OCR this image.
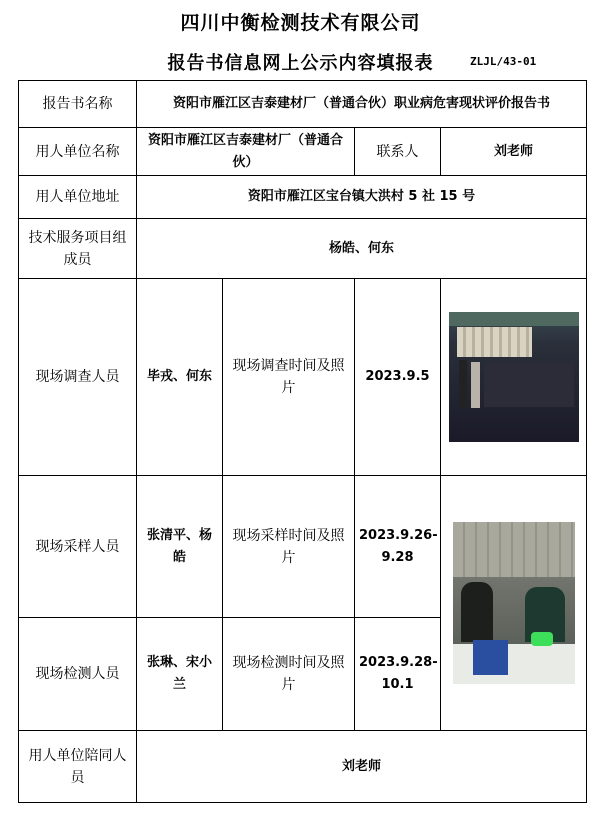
四川中衡检测技术有限公司
报告书信息网上公示内容填报表	ZLJL/43-01
报告书名称	资阳市雁江区吉泰建材厂（普通合伙）职业病危害现状评价报告书			
用人单位名称	资阳市雁江区吉泰建材厂（普通合伙）		联系人	刘老师
用人单位地址	资阳市雁江区宝台镇大洪村 5 社 15 号			
技术服务项目组成员	杨皓、何东			
现场调查人员	毕戎、何东	现场调查时间及照片	2023.9.5	

现场采样人员	张清平、杨皓	现场采样时间及照片	2023.9.26-9.28	

现场检测人员	张琳、宋小兰	现场检测时间及照片	2023.9.28-10.1	
用人单位陪同人员	刘老师			
